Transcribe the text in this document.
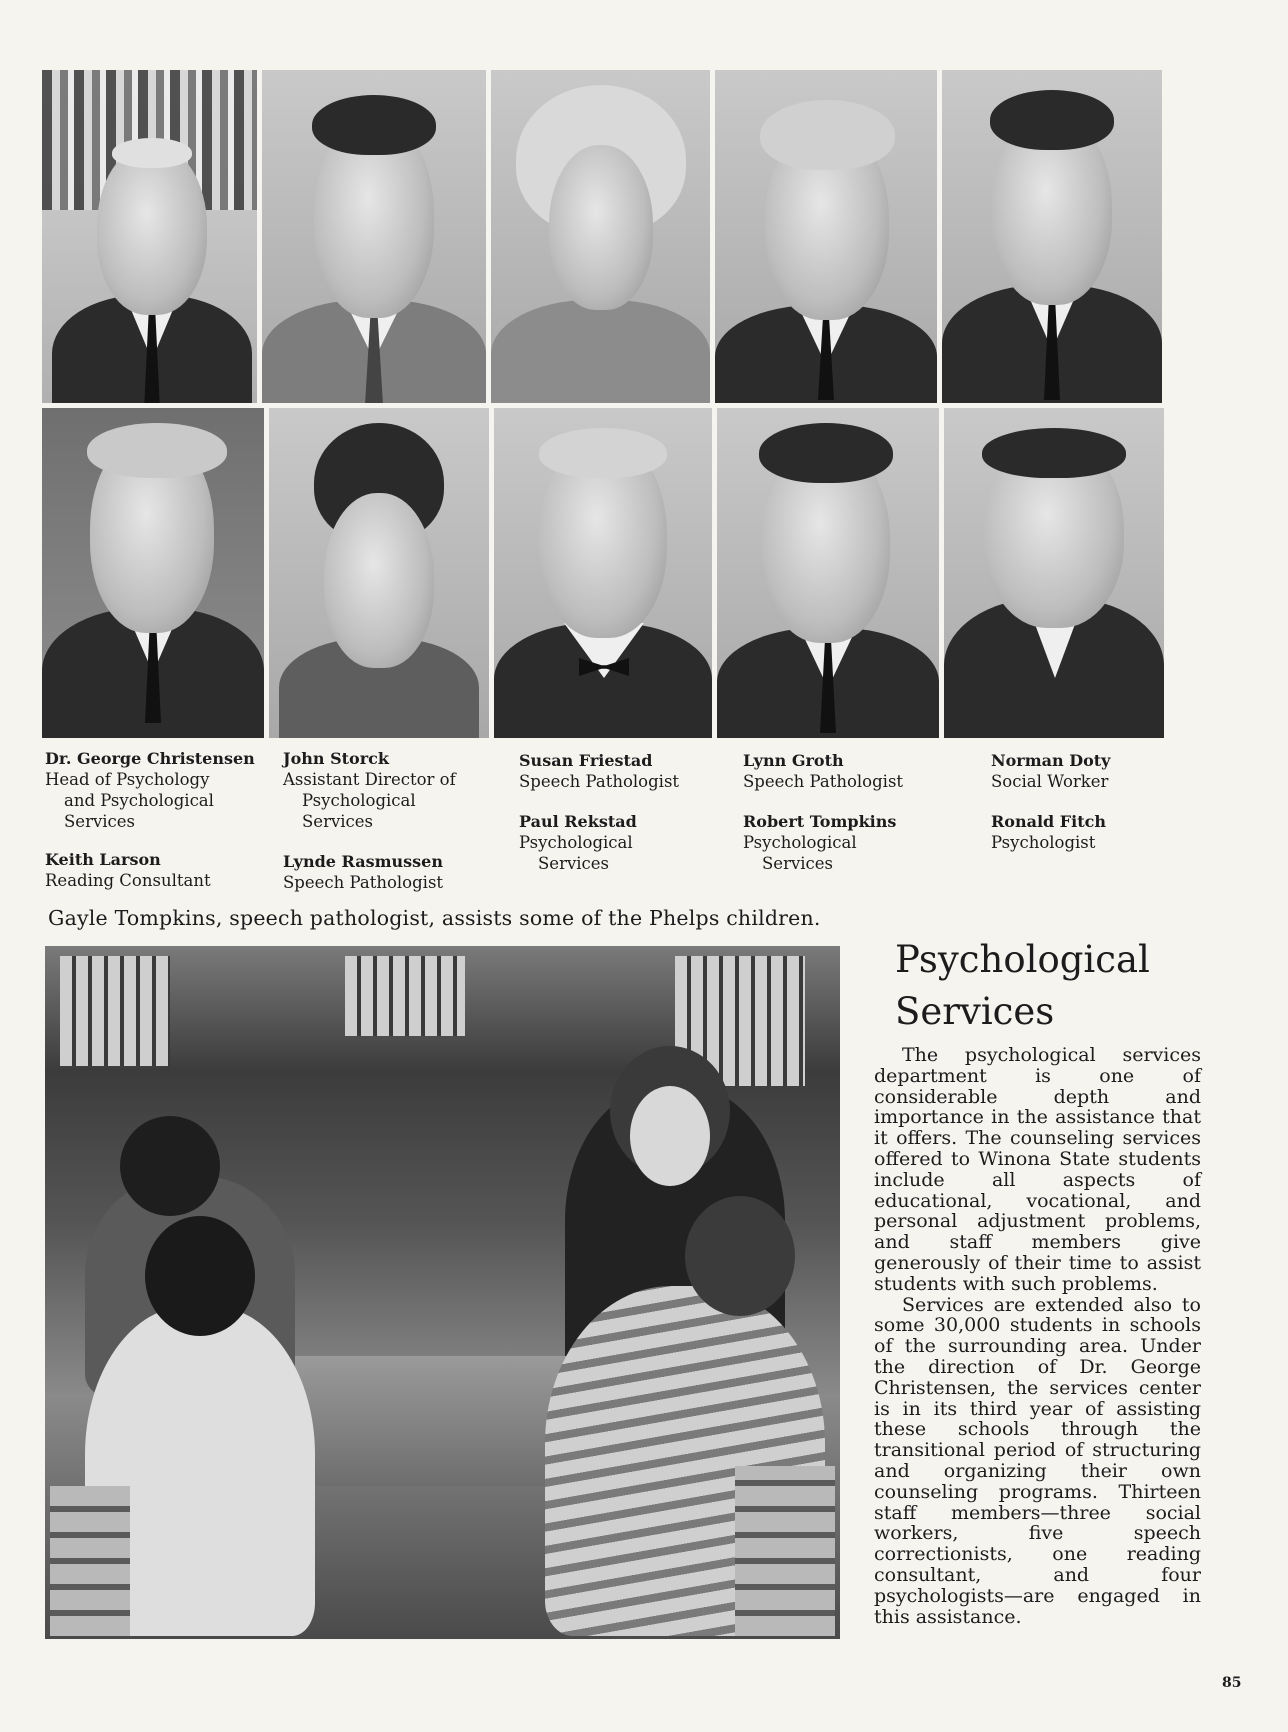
Dr. George Christensen
Head of Psychology
and Psychological
Services
Keith Larson
Reading Consultant
John Storck
Assistant Director of
Psychological
Services
Lynde Rasmussen
Speech Pathologist
Susan Friestad
Speech Pathologist
Paul Rekstad
Psychological
Services
Lynn Groth
Speech Pathologist
Robert Tompkins
Psychological
Services
Norman Doty
Social Worker
Ronald Fitch
Psychologist
Gayle Tompkins, speech pathologist, assists some of the Phelps children.
Psychological
Services

The psychological services department is one of considerable depth and importance in the assistance that it offers. The counseling services offered to Winona State students include all aspects of educational, vocational, and personal adjustment problems, and staff members give generously of their time to assist students with such problems.

Services are extended also to some 30,000 students in schools of the surrounding area. Under the direction of Dr. George Christensen, the services center is in its third year of assisting these schools through the transitional period of structuring and organizing their own counseling programs. Thirteen staff members—three social workers, five speech correctionists, one reading consultant, and four psychologists—are engaged in this assistance.

85
